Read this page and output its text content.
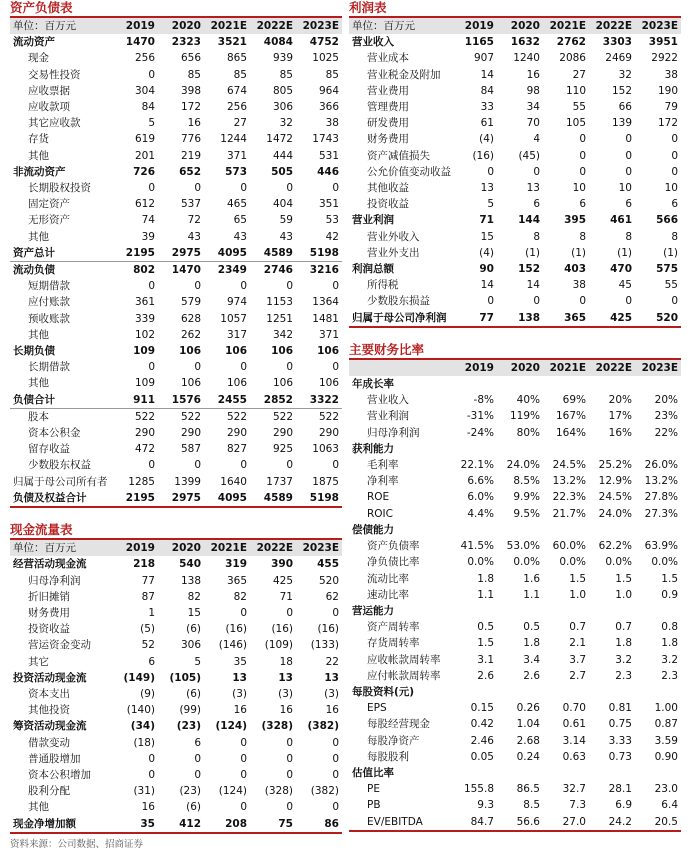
资产负债表
单位：百万元	2019	2020	2021E	2022E	2023E
流动资产	1470	2323	3521	4084	4752
现金	256	656	865	939	1025
交易性投资	0	85	85	85	85
应收票据	304	398	674	805	964
应收款项	84	172	256	306	366
其它应收款	5	16	27	32	38
存货	619	776	1244	1472	1743
其他	201	219	371	444	531
非流动资产	726	652	573	505	446
长期股权投资	0	0	0	0	0
固定资产	612	537	465	404	351
无形资产	74	72	65	59	53
其他	39	43	43	43	42
资产总计	2195	2975	4095	4589	5198
流动负债	802	1470	2349	2746	3216
短期借款	0	0	0	0	0
应付账款	361	579	974	1153	1364
预收账款	339	628	1057	1251	1481
其他	102	262	317	342	371
长期负债	109	106	106	106	106
长期借款	0	0	0	0	0
其他	109	106	106	106	106
负债合计	911	1576	2455	2852	3322
股本	522	522	522	522	522
资本公积金	290	290	290	290	290
留存收益	472	587	827	925	1063
少数股东权益	0	0	0	0	0
归属于母公司所有者	1285	1399	1640	1737	1875
负债及权益合计	2195	2975	4095	4589	5198
现金流量表
单位：百万元	2019	2020	2021E	2022E	2023E
经营活动现金流	218	540	319	390	455
归母净利润	77	138	365	425	520
折旧摊销	87	82	82	71	62
财务费用	1	15	0	0	0
投资收益	(5)	(6)	(16)	(16)	(16)
营运资金变动	52	306	(146)	(109)	(133)
其它	6	5	35	18	22
投资活动现金流	(149)	(105)	13	13	13
资本支出	(9)	(6)	(3)	(3)	(3)
其他投资	(140)	(99)	16	16	16
筹资活动现金流	(34)	(23)	(124)	(328)	(382)
借款变动	(18)	6	0	0	0
普通股增加	0	0	0	0	0
资本公积增加	0	0	0	0	0
股利分配	(31)	(23)	(124)	(328)	(382)
其他	16	(6)	0	0	0
现金净增加额	35	412	208	75	86
利润表
单位：百万元	2019	2020	2021E	2022E	2023E
营业收入	1165	1632	2762	3303	3951
营业成本	907	1240	2086	2469	2922
营业税金及附加	14	16	27	32	38
营业费用	84	98	110	152	190
管理费用	33	34	55	66	79
研发费用	61	70	105	139	172
财务费用	(4)	4	0	0	0
资产减值损失	(16)	(45)	0	0	0
公允价值变动收益	0	0	0	0	0
其他收益	13	13	10	10	10
投资收益	5	6	6	6	6
营业利润	71	144	395	461	566
营业外收入	15	8	8	8	8
营业外支出	(4)	(1)	(1)	(1)	(1)
利润总额	90	152	403	470	575
所得税	14	14	38	45	55
少数股东损益	0	0	0	0	0
归属于母公司净利润	77	138	365	425	520
主要财务比率
	2019	2020	2021E	2022E	2023E
年成长率					
营业收入	-8%	40%	69%	20%	20%
营业利润	-31%	119%	167%	17%	23%
归母净利润	-24%	80%	164%	16%	22%
获利能力					
毛利率	22.1%	24.0%	24.5%	25.2%	26.0%
净利率	6.6%	8.5%	13.2%	12.9%	13.2%
ROE	6.0%	9.9%	22.3%	24.5%	27.8%
ROIC	4.4%	9.5%	21.7%	24.0%	27.3%
偿债能力					
资产负债率	41.5%	53.0%	60.0%	62.2%	63.9%
净负债比率	0.0%	0.0%	0.0%	0.0%	0.0%
流动比率	1.8	1.6	1.5	1.5	1.5
速动比率	1.1	1.1	1.0	1.0	0.9
营运能力					
资产周转率	0.5	0.5	0.7	0.7	0.8
存货周转率	1.5	1.8	2.1	1.8	1.8
应收帐款周转率	3.1	3.4	3.7	3.2	3.2
应付帐款周转率	2.6	2.6	2.7	2.3	2.3
每股资料(元)					
EPS	0.15	0.26	0.70	0.81	1.00
每股经营现金	0.42	1.04	0.61	0.75	0.87
每股净资产	2.46	2.68	3.14	3.33	3.59
每股股利	0.05	0.24	0.63	0.73	0.90
估值比率					
PE	155.8	86.5	32.7	28.1	23.0
PB	9.3	8.5	7.3	6.9	6.4
EV/EBITDA	84.7	56.6	27.0	24.2	20.5
资料来源：公司数据、招商证券
